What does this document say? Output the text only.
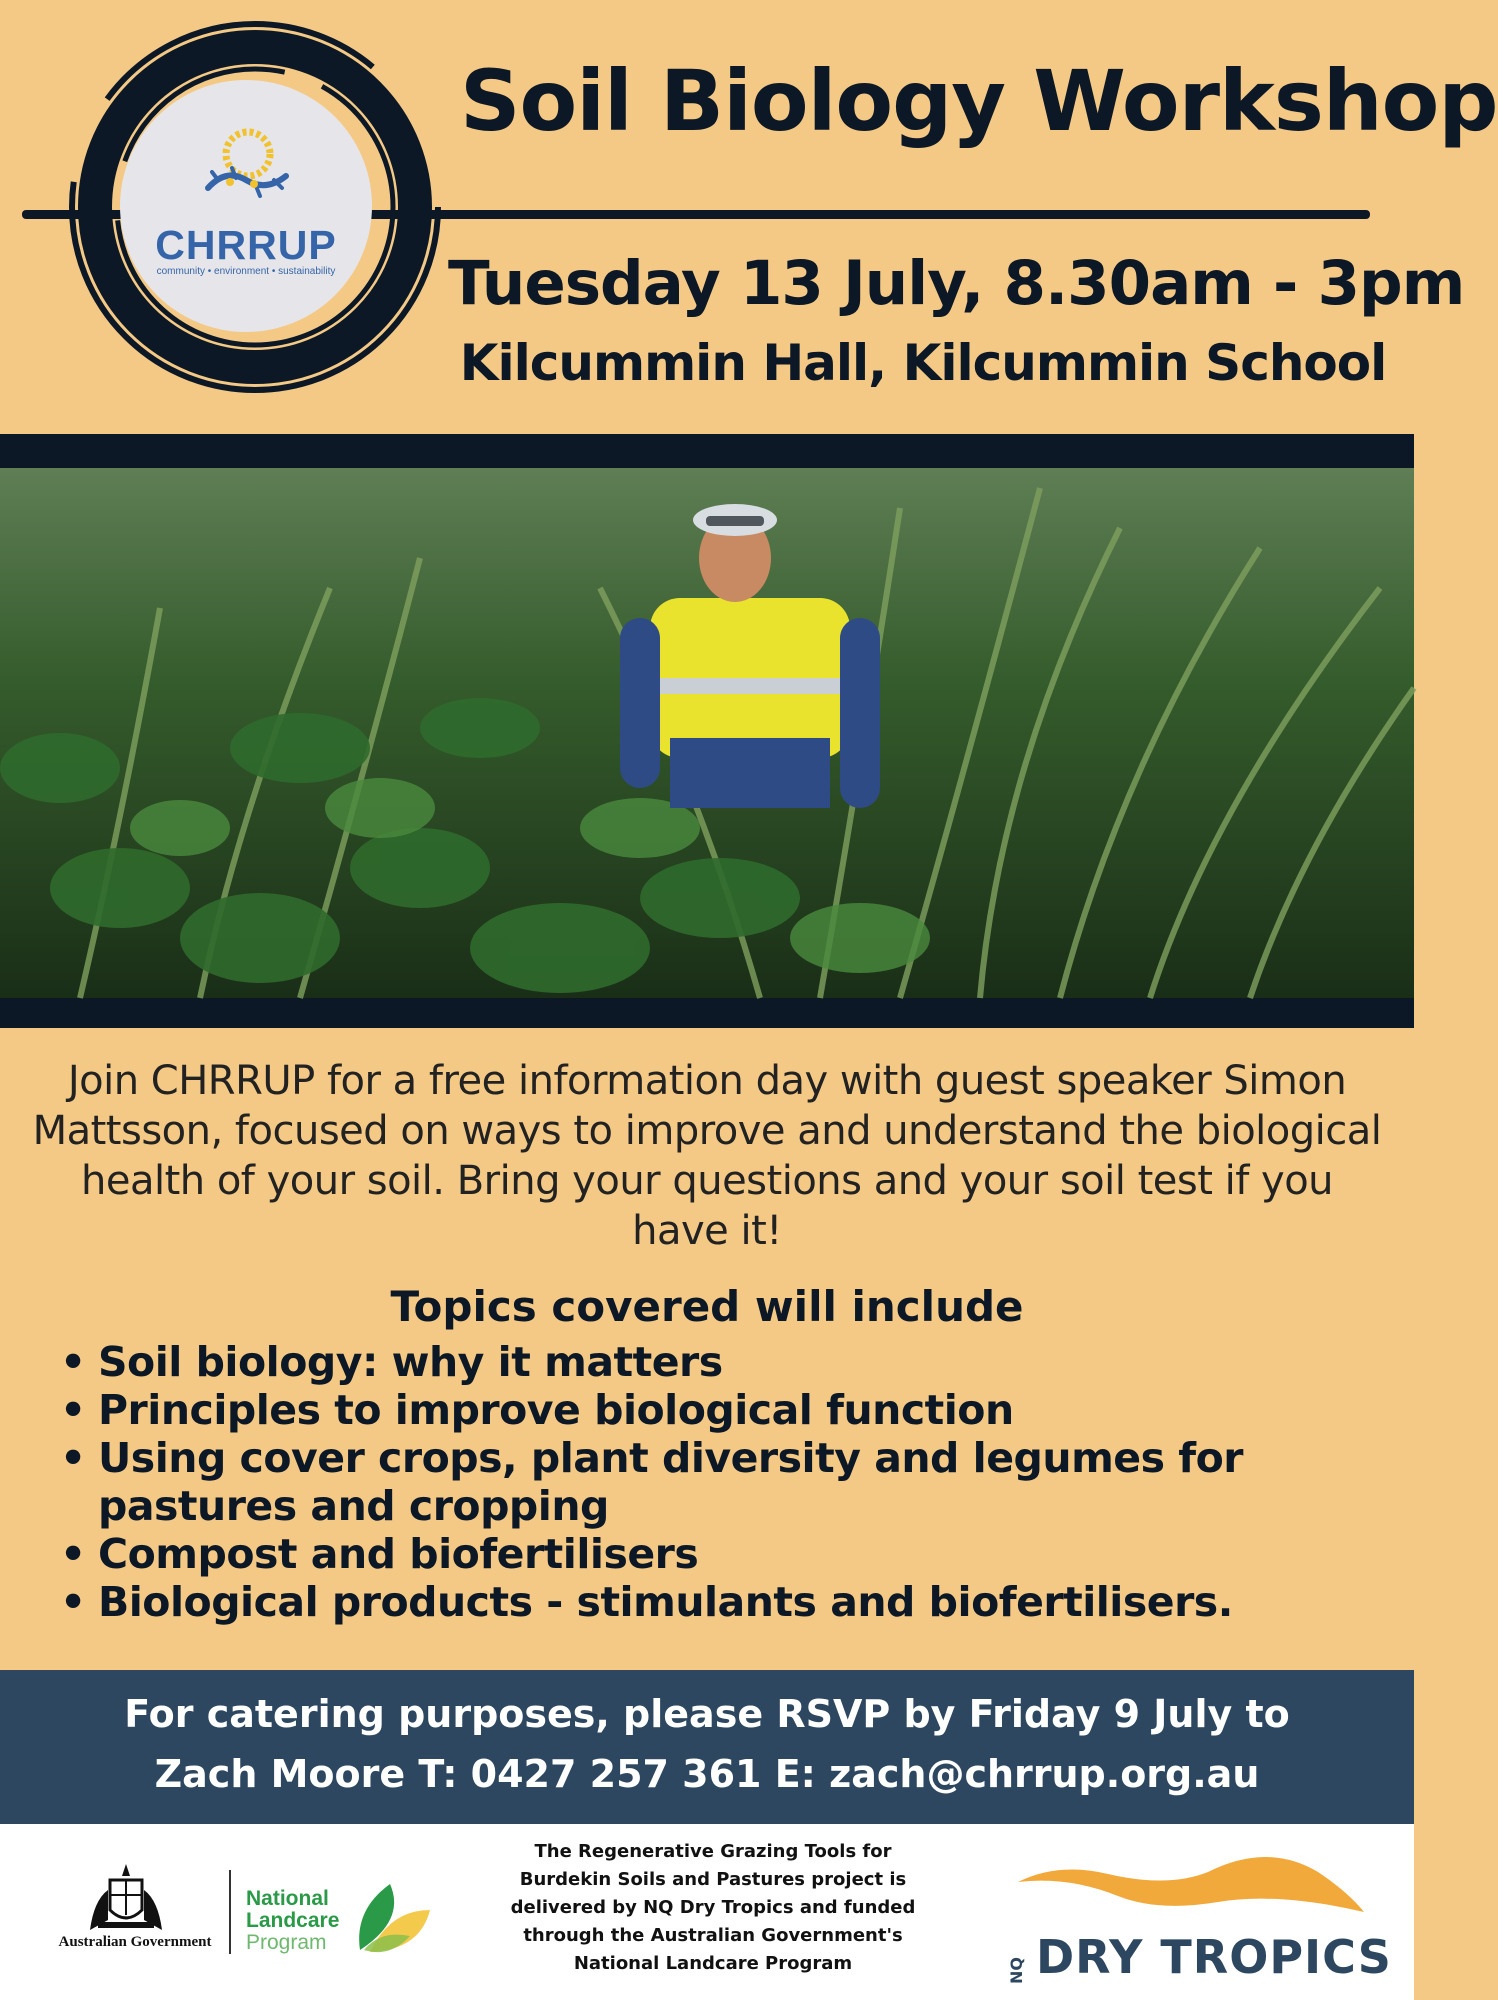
CHRRUP
community • environment • sustainability
Soil Biology Workshop
Tuesday 13 July, 8.30am - 3pm
Kilcummin Hall, Kilcummin School
Join CHRRUP for a free information day with guest speaker Simon Mattsson, focused on ways to improve and understand the biological health of your soil. Bring your questions and your soil test if you have it!
Topics covered will include
• Soil biology: why it matters
• Principles to improve biological function
• Using cover crops, plant diversity and legumes for pastures and cropping
• Compost and biofertilisers
• Biological products - stimulants and biofertilisers.
For catering purposes, please RSVP by Friday 9 July to
Zach Moore T: 0427 257 361 E: zach@chrrup.org.au
Australian Government
National
Landcare
Program
The Regenerative Grazing Tools for Burdekin Soils and Pastures project is delivered by NQ Dry Tropics and funded through the Australian Government's National Landcare Program	NQ DRY TROPICS
